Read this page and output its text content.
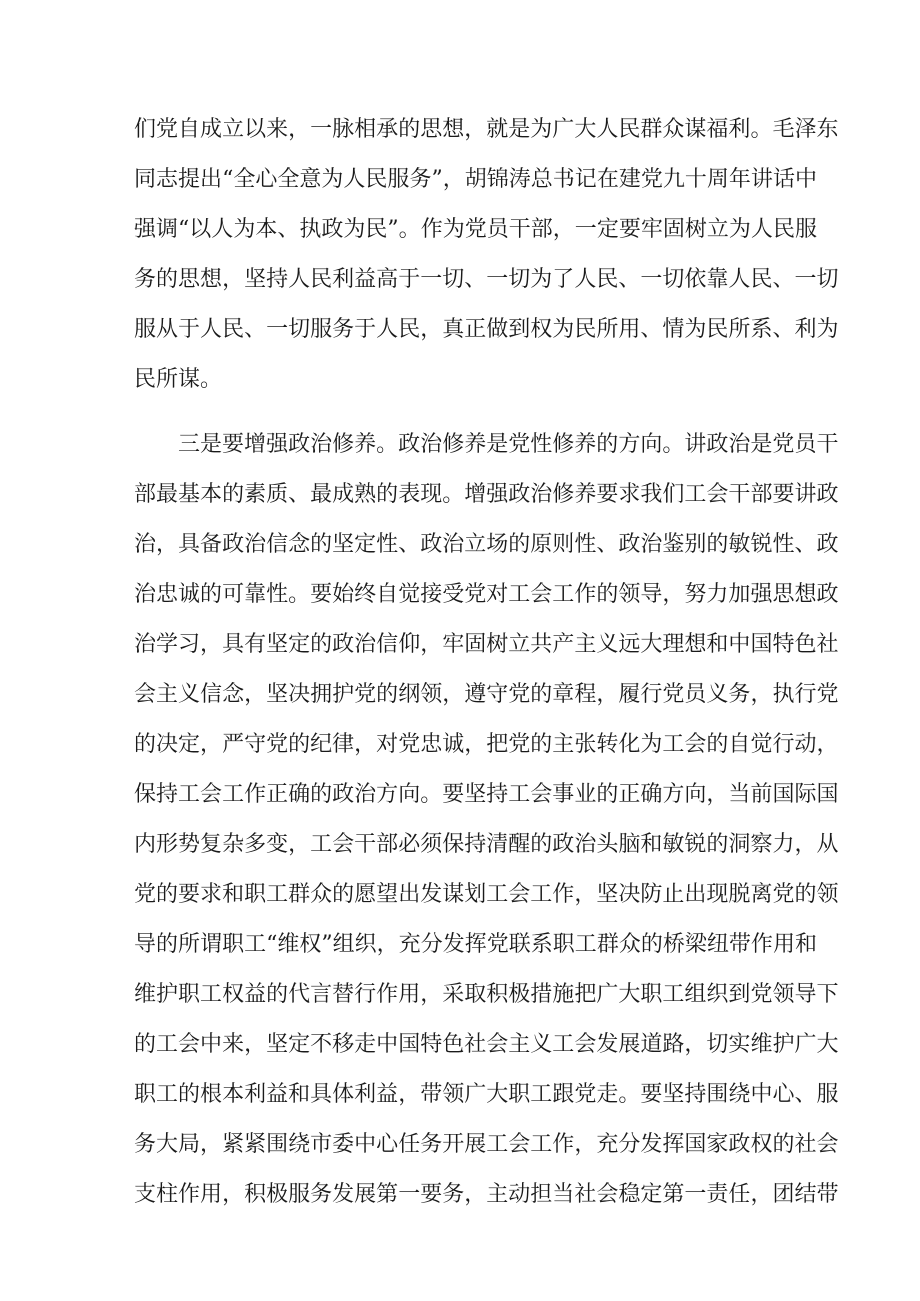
们 党 自 成 立 以 来 ， 一 脉 相 承 的 思 想 ， 就 是 为 广 大 人 民 群 众 谋 福 利 。 毛 泽 东
同 志 提 出 “ 全 心 全 意 为 人 民 服 务 ” ， 胡 锦 涛 总 书 记 在 建 党 九 十 周 年 讲 话 中
强 调 “ 以 人 为 本 、 执 政 为 民 ” 。 作 为 党 员 干 部 ， 一 定 要 牢 固 树 立 为 人 民 服
务 的 思 想 ， 坚 持 人 民 利 益 高 于 一 切 、 一 切 为 了 人 民 、 一 切 依 靠 人 民 、 一 切
服 从 于 人 民 、 一 切 服 务 于 人 民 ， 真 正 做 到 权 为 民 所 用 、 情 为 民 所 系 、 利 为
民所谋。
三 是 要 增 强 政 治 修 养 。 政 治 修 养 是 党 性 修 养 的 方 向 。 讲 政 治 是 党 员 干
部 最 基 本 的 素 质 、 最 成 熟 的 表 现 。 增 强 政 治 修 养 要 求 我 们 工 会 干 部 要 讲 政
治 ， 具 备 政 治 信 念 的 坚 定 性 、 政 治 立 场 的 原 则 性 、 政 治 鉴 别 的 敏 锐 性 、 政
治 忠 诚 的 可 靠 性 。 要 始 终 自 觉 接 受 党 对 工 会 工 作 的 领 导 ， 努 力 加 强 思 想 政
治 学 习 ， 具 有 坚 定 的 政 治 信 仰 ， 牢 固 树 立 共 产 主 义 远 大 理 想 和 中 国 特 色 社
会 主 义 信 念 ， 坚 决 拥 护 党 的 纲 领 ， 遵 守 党 的 章 程 ， 履 行 党 员 义 务 ， 执 行 党
的 决 定 ， 严 守 党 的 纪 律 ， 对 党 忠 诚 ， 把 党 的 主 张 转 化 为 工 会 的 自 觉 行 动 ，
保 持 工 会 工 作 正 确 的 政 治 方 向 。 要 坚 持 工 会 事 业 的 正 确 方 向 ， 当 前 国 际 国
内 形 势 复 杂 多 变 ， 工 会 干 部 必 须 保 持 清 醒 的 政 治 头 脑 和 敏 锐 的 洞 察 力 ， 从
党 的 要 求 和 职 工 群 众 的 愿 望 出 发 谋 划 工 会 工 作 ， 坚 决 防 止 出 现 脱 离 党 的 领
导 的 所 谓 职 工 “ 维 权 ” 组 织 ， 充 分 发 挥 党 联 系 职 工 群 众 的 桥 梁 纽 带 作 用 和
维 护 职 工 权 益 的 代 言 替 行 作 用 ， 采 取 积 极 措 施 把 广 大 职 工 组 织 到 党 领 导 下
的 工 会 中 来 ， 坚 定 不 移 走 中 国 特 色 社 会 主 义 工 会 发 展 道 路 ， 切 实 维 护 广 大
职 工 的 根 本 利 益 和 具 体 利 益 ， 带 领 广 大 职 工 跟 党 走 。 要 坚 持 围 绕 中 心 、 服
务 大 局 ， 紧 紧 围 绕 市 委 中 心 任 务 开 展 工 会 工 作 ， 充 分 发 挥 国 家 政 权 的 社 会
支 柱 作 用 ， 积 极 服 务 发 展 第 一 要 务 ， 主 动 担 当 社 会 稳 定 第 一 责 任 ， 团 结 带
